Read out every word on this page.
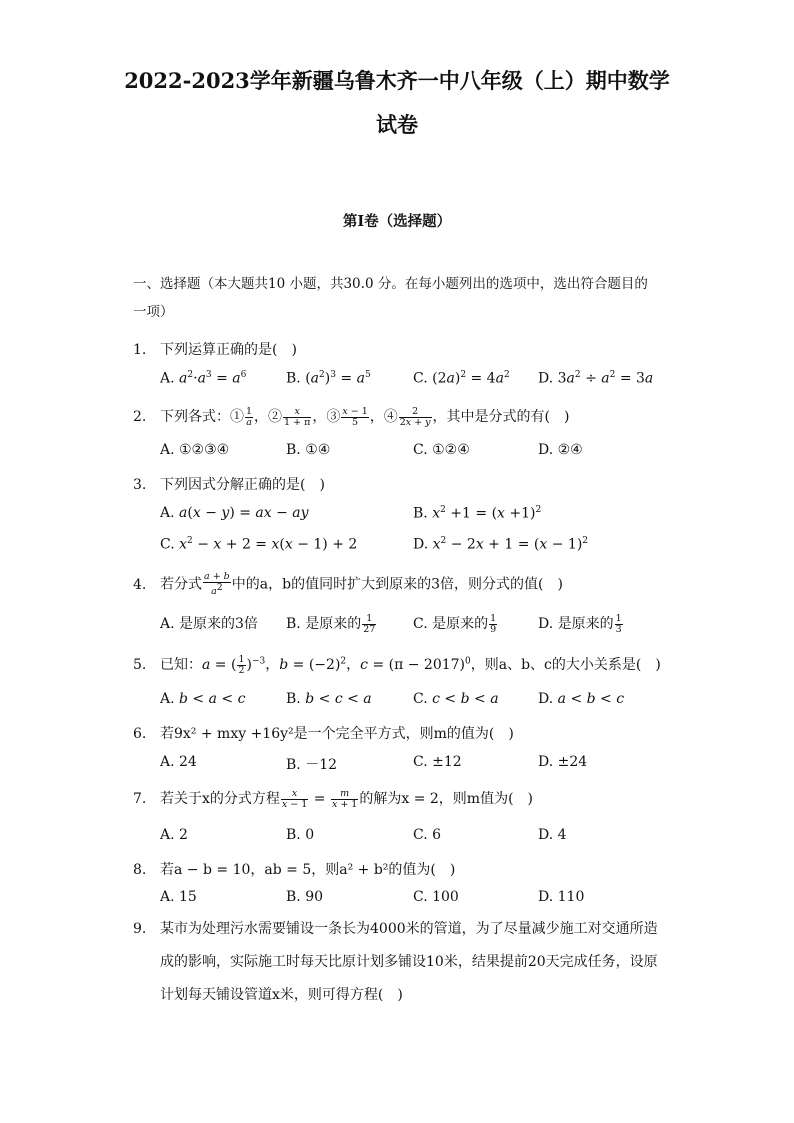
2022-2023学年新疆乌鲁木齐一中八年级（上）期中数学
试卷
第I卷（选择题）
一、选择题（本大题共10 小题，共30.0 分。在每小题列出的选项中，选出符合题目的
一项）
1. 下列运算正确的是(　)
A. $a^2\cdot a^3 = a^6$	B. $(a^2)^3 = a^5$	C. $(2a)^2 = 4a^2$ D. $3a^2 \div a^2 = 3a$
2. 下列各式：① $\frac{1}{a}$ ，② $\frac{x}{1 + \pi}$ ，③ $\frac{x - 1}{5}$ ，④ $\frac{2}{2x + y}$ ，其中是分式的有(　)
A. ①②③④	B. ①④	C. ①②④	D. ②④
3. 下列因式分解正确的是(　)
A. a(x − y) = ax − ay	B. $x^2 +1 = (x +1)^2$
C. $x^2 - x + 2 = x(x - 1) + 2$	D. $x^2 - 2x + 1 = (x - 1)^2$
4. 若分式 $\frac{a + b}{a^2}$ 中的a，b的值同时扩大到原来的3倍，则分式的值(　)
A. 是原来的3倍 B. 是原来的 $\frac{1}{27}$	C. 是原来的 $\frac{1}{9}$	D. 是原来的 $\frac{1}{3}$
5. 已知：a = ( $\frac{1}{2} )^{-3}$，$b = (-2)^2$，$c = (\pi - 2017)^0$，则a、b、c的大小关系是(　)
A. b < a < c	B. b < c < a	C. c < b < a	D. a < b < c
6. 若9x² + mxy +16y²是一个完全平方式，则m的值为(　)
A. 24	B. －12	C. ±12	D. ±24
7. 若关于x的分式方程 $\frac{x}{x - 1} = \frac{m}{x + 1}$ 的解为x = 2，则m值为(　)
A. 2	B. 0	C. 6	D. 4
8. 若a − b = 10，ab = 5，则a² + b²的值为(　)
A. 15	B. 90	C. 100	D. 110
9. 某市为处理污水需要铺设一条长为4000米的管道，为了尽量减少施工对交通所造
成的影响，实际施工时每天比原计划多铺设10米，结果提前20天完成任务，设原
计划每天铺设管道x米，则可得方程(　)
